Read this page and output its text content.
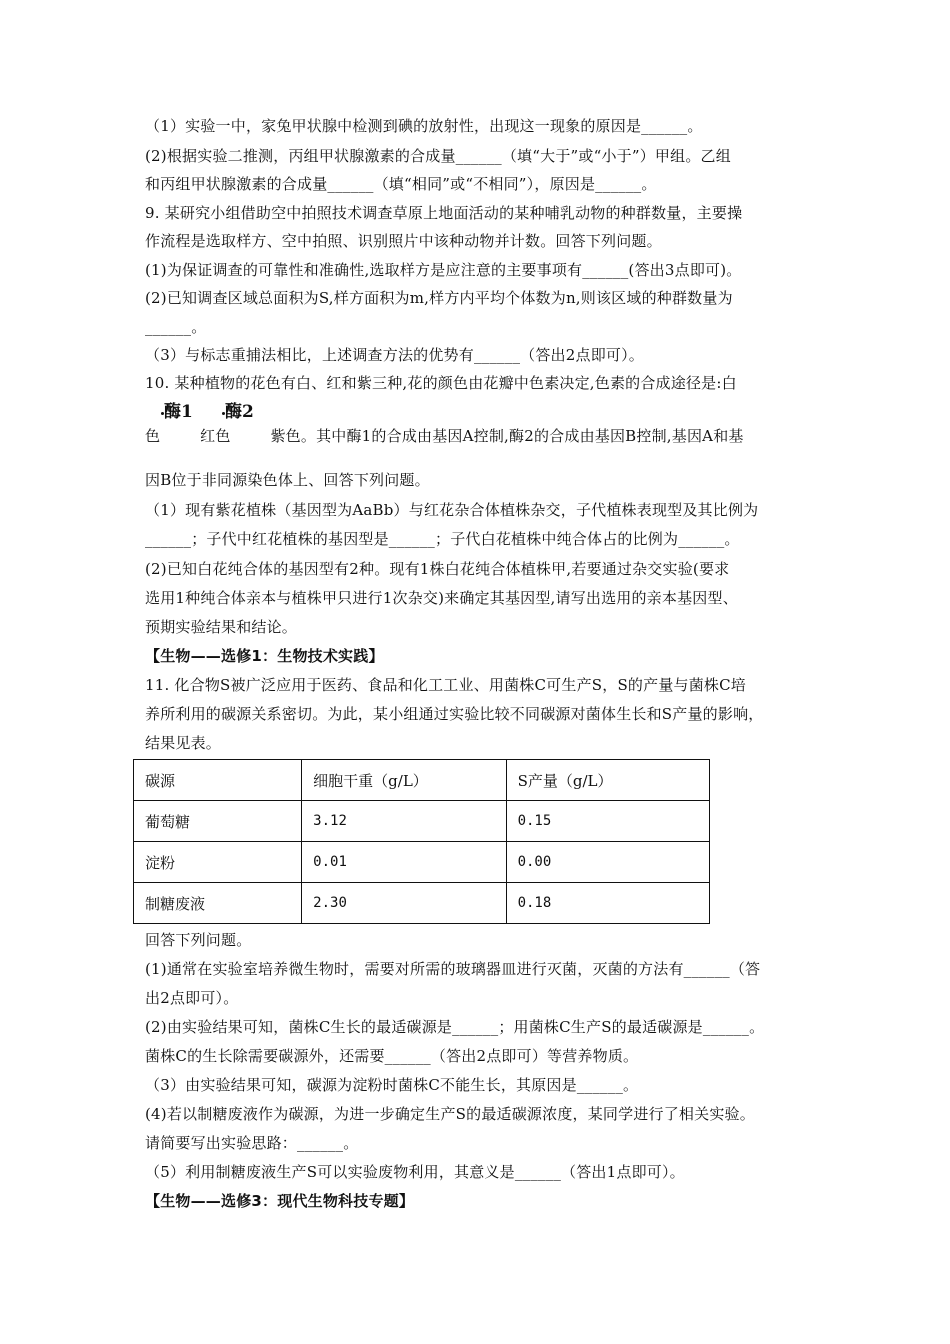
（1）实验一中，家兔甲状腺中检测到碘的放射性，出现这一现象的原因是______。
(2)根据实验二推测，丙组甲状腺激素的合成量______（填“大于”或“小于”）甲组。乙组
和丙组甲状腺激素的合成量______（填“相同”或“不相同”），原因是______。
9. 某研究小组借助空中拍照技术调查草原上地面活动的某种哺乳动物的种群数量，主要操
作流程是选取样方、空中拍照、识别照片中该种动物并计数。回答下列问题。
(1)为保证调查的可靠性和准确性,选取样方是应注意的主要事项有______(答出3点即可)。
(2)已知调查区域总面积为S,样方面积为m,样方内平均个体数为n,则该区域的种群数量为
______。
（3）与标志重捕法相比，上述调查方法的优势有______（答出2点即可）。
10. 某种植物的花色有白、红和紫三种,花的颜色由花瓣中色素决定,色素的合成途径是:白
酶1 酶2
色	红色	紫色。其中酶1的合成由基因A控制,酶2的合成由基因B控制,基因A和基
因B位于非同源染色体上、回答下列问题。
（1）现有紫花植株（基因型为AaBb）与红花杂合体植株杂交，子代植株表现型及其比例为
______；子代中红花植株的基因型是______；子代白花植株中纯合体占的比例为______。
(2)已知白花纯合体的基因型有2种。现有1株白花纯合体植株甲,若要通过杂交实验(要求
选用1种纯合体亲本与植株甲只进行1次杂交)来确定其基因型,请写出选用的亲本基因型、
预期实验结果和结论。
【生物——选修1：生物技术实践】
11. 化合物S被广泛应用于医药、食品和化工工业、用菌株C可生产S，S的产量与菌株C培
养所利用的碳源关系密切。为此，某小组通过实验比较不同碳源对菌体生长和S产量的影响，
结果见表。
碳源	细胞干重（g/L）	S产量（g/L）
葡萄糖	3.12	0.15
淀粉	0.01	0.00
制糖废液	2.30	0.18
回答下列问题。
(1)通常在实验室培养微生物时，需要对所需的玻璃器皿进行灭菌，灭菌的方法有______（答
出2点即可）。
(2)由实验结果可知，菌株C生长的最适碳源是______；用菌株C生产S的最适碳源是______。
菌株C的生长除需要碳源外，还需要______（答出2点即可）等营养物质。
（3）由实验结果可知，碳源为淀粉时菌株C不能生长，其原因是______。
(4)若以制糖废液作为碳源，为进一步确定生产S的最适碳源浓度，某同学进行了相关实验。
请简要写出实验思路：______。
（5）利用制糖废液生产S可以实验废物利用，其意义是______（答出1点即可）。
【生物——选修3：现代生物科技专题】
